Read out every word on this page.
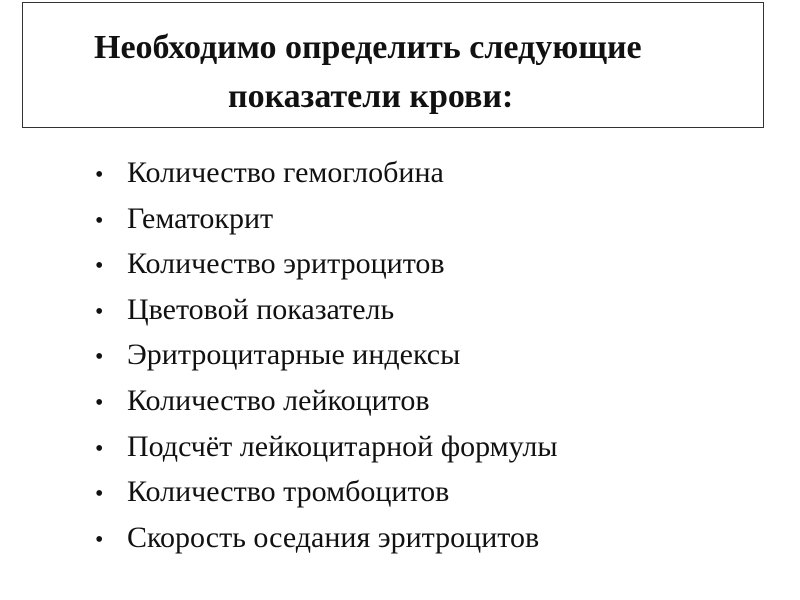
Необходимо определить следующие
показатели крови:
• Количество гемоглобина
• Гематокрит
• Количество эритроцитов
• Цветовой показатель
• Эритроцитарные индексы
• Количество лейкоцитов
• Подсчёт лейкоцитарной формулы
• Количество тромбоцитов
• Скорость оседания эритроцитов
